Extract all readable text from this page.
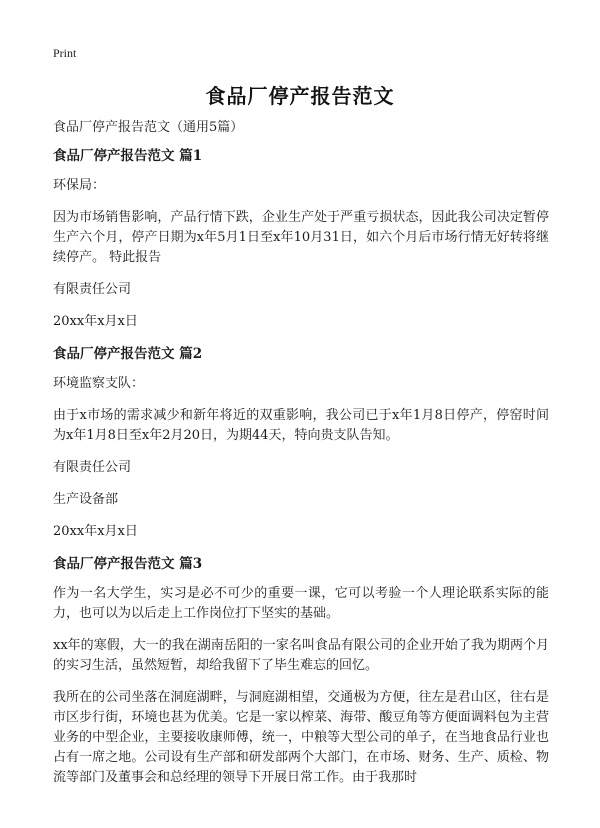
Print
食品厂停产报告范文
食品厂停产报告范文（通用5篇）
食品厂停产报告范文 篇1

环保局：

因为市场销售影响，产品行情下跌，企业生产处于严重亏损状态，因此我公司决定暂停生产六个月，停产日期为x年5月1日至x年10月31日，如六个月后市场行情无好转将继续停产。 特此报告

有限责任公司

20xx年x月x日

食品厂停产报告范文 篇2

环境监察支队：

由于x市场的需求减少和新年将近的双重影响，我公司已于x年1月8日停产，停窑时间为x年1月8日至x年2月20日，为期44天，特向贵支队告知。

有限责任公司

生产设备部

20xx年x月x日

食品厂停产报告范文 篇3

作为一名大学生，实习是必不可少的重要一课，它可以考验一个人理论联系实际的能力，也可以为以后走上工作岗位打下坚实的基础。

xx年的寒假，大一的我在湖南岳阳的一家名叫食品有限公司的企业开始了我为期两个月的实习生活，虽然短暂，却给我留下了毕生难忘的回忆。

我所在的公司坐落在洞庭湖畔，与洞庭湖相望，交通极为方便，往左是君山区，往右是市区步行街，环境也甚为优美。它是一家以榨菜、海带、酸豆角等方便面调料包为主营业务的中型企业，主要接收康师傅，统一，中粮等大型公司的单子，在当地食品行业也占有一席之地。公司设有生产部和研发部两个大部门，在市场、财务、生产、质检、物流等部门及董事会和总经理的领导下开展日常工作。由于我那时
